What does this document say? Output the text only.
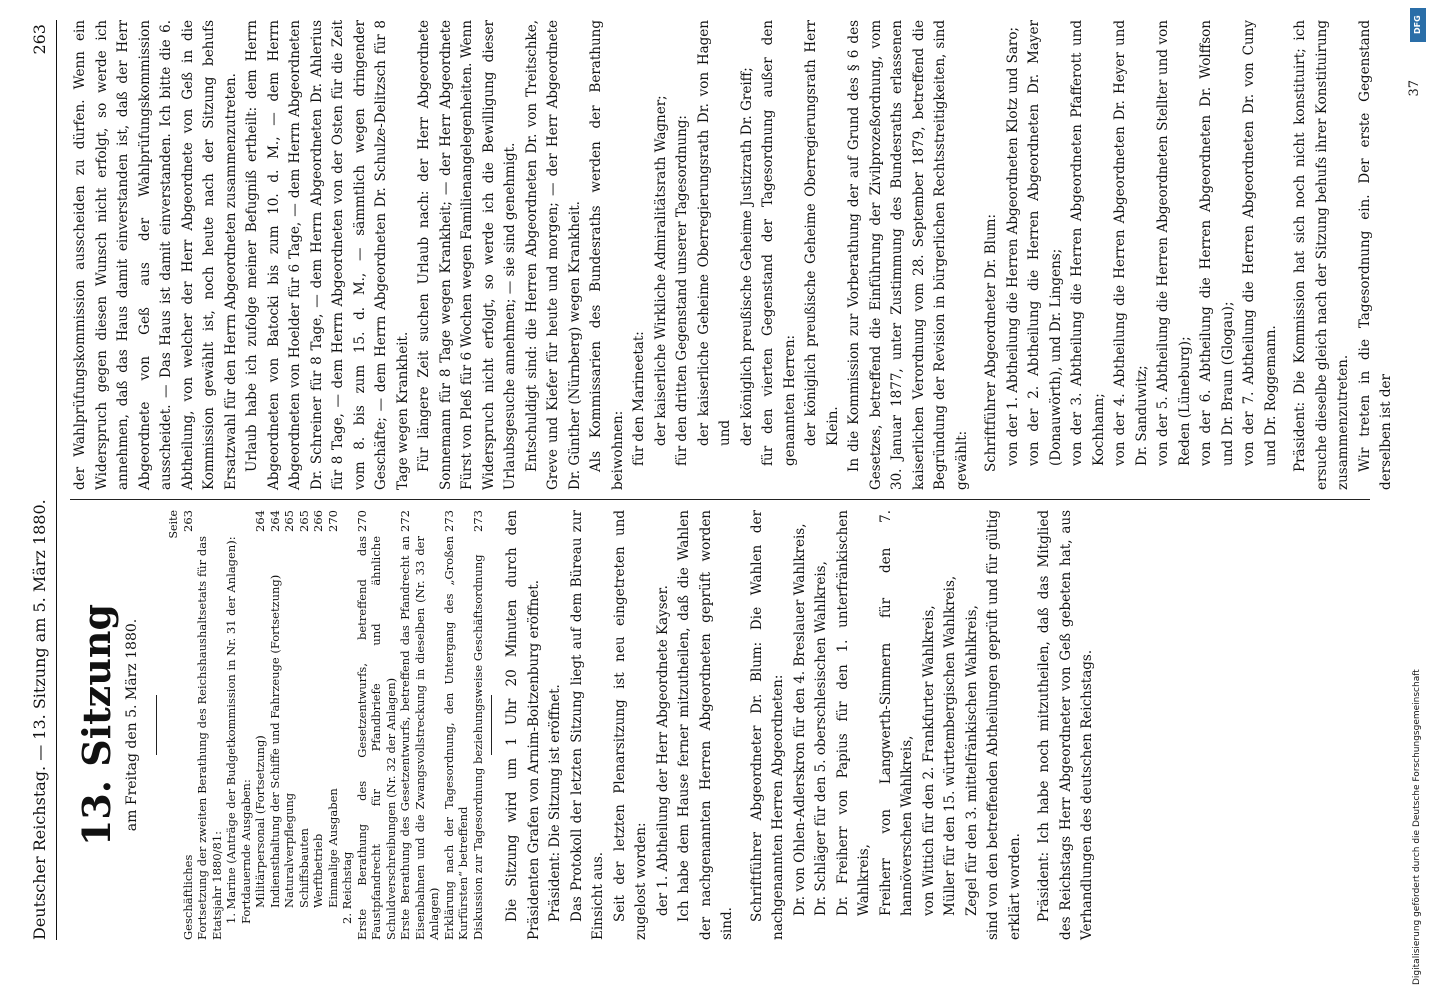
Deutscher Reichstag. — 13. Sitzung am 5. März 1880.
263
13. Sitzung am Freitag den 5. März 1880.
Seite
Geschäftliches
263
Fortsetzung der zweiten Berathung des Reichshaushaltsetats für das Etatsjahr 1880/81: 1. Marine (Anträge der Budgetkommission in Nr. 31 der Anlagen): Fortdauernde Ausgaben: Militärpersonal (Fortsetzung)
264
Indiensthaltung der Schiffe und Fahrzeuge (Fortsetzung)
264
Naturalverpflegung
265
Schiffsbauten
265
Werftbetrieb
266
Einmalige Ausgaben
270
2. Reichstag Erste Berathung des Gesetzentwurfs, betreffend das Faustpfandrecht für Pfandbriefe und ähnliche Schuldverschreibungen (Nr. 32 der Anlagen)
270
Erste Berathung des Gesetzentwurfs, betreffend das Pfandrecht an Eisenbahnen und die Zwangsvollstreckung in dieselben (Nr. 33 der Anlagen)
272
Erklärung nach der Tagesordnung, den Untergang des „Großen Kurfürsten“ betreffend
273
Diskussion zur Tagesordnung beziehungsweise Geschäftsordnung
273 Die Sitzung wird um 1 Uhr 20 Minuten durch den Präsidenten Grafen von Arnim-Boitzenburg eröffnet. Präsident: Die Sitzung ist eröffnet. Das Protokoll der letzten Sitzung liegt auf dem Büreau zur Einsicht aus. Seit der letzten Plenarsitzung ist neu eingetreten und zugelost worden: der 1. Abtheilung der Herr Abgeordnete Kayser. Ich habe dem Hause ferner mitzutheilen, daß die Wahlen der nachgenannten Herren Abgeordneten geprüft worden sind.

Schriftführer Abgeordneter Dr. Blum: Die Wahlen der nachgenannten Herren Abgeordneten: Dr. von Ohlen-Adlerskron für den 4. Breslauer Wahlkreis, Dr. Schläger für den 5. oberschlesischen Wahlkreis, Dr. Freiherr von Papius für den 1. unterfränkischen Wahlkreis, Freiherr von Langwerth-Simmern für den 7. hannöverschen Wahlkreis, von Wittich für den 2. Frankfurter Wahlkreis, Müller für den 15. württembergischen Wahlkreis, Zegel für den 3. mittelfränkischen Wahlkreis, sind von den betreffenden Abtheilungen geprüft und für gültig erklärt worden. Präsident: Ich habe noch mitzutheilen, daß das Mitglied des Reichstags Herr Abgeordneter von Geß gebeten hat, aus Verhandlungen des deutschen Reichstags.

der Wahlprüfungskommission ausscheiden zu dürfen. Wenn ein Widerspruch gegen diesen Wunsch nicht erfolgt, so werde ich annehmen, daß das Haus damit einverstanden ist, daß der Herr Abgeordnete von Geß aus der Wahlprüfungskommission ausscheidet. — Das Haus ist damit einverstanden. Ich bitte die 6. Abtheilung, von welcher der Herr Abgeordnete von Geß in die Kommission gewählt ist, noch heute nach der Sitzung behufs Ersatzwahl für den Herrn Abgeordneten zusammenzutreten. Urlaub habe ich zufolge meiner Befugniß ertheilt: dem Herrn Abgeordneten von Batocki bis zum 10. d. M., — dem Herrn Abgeordneten von Hoelder für 6 Tage, — dem Herrn Abgeordneten Dr. Schreiner für 8 Tage, — dem Herrn Abgeordneten Dr. Ahlerius für 8 Tage, — dem Herrn Abgeordneten von der Osten für die Zeit vom 8. bis zum 15. d. M., — sämmtlich wegen dringender Geschäfte; — dem Herrn Abgeordneten Dr. Schulze-Delitzsch für 8 Tage wegen Krankheit. Für längere Zeit suchen Urlaub nach: der Herr Abgeordnete Sonnemann für 8 Tage wegen Krankheit; — der Herr Abgeordnete Fürst von Pleß für 6 Wochen wegen Familienangelegenheiten. Wenn Widerspruch nicht erfolgt, so werde ich die Bewilligung dieser Urlaubsgesuche annehmen; — sie sind genehmigt. Entschuldigt sind: die Herren Abgeordneten Dr. von Treitschke, Greve und Kiefer für heute und morgen; — der Herr Abgeordnete Dr. Günther (Nürnberg) wegen Krankheit. Als Kommissarien des Bundesraths werden der Berathung beiwohnen: für den Marineetat: der kaiserliche Wirkliche Admiralitätsrath Wagner; für den dritten Gegenstand unserer Tagesordnung: der kaiserliche Geheime Oberregierungsrath Dr. von Hagen und der königlich preußische Geheime Justizrath Dr. Greiff; für den vierten Gegenstand der Tagesordnung außer den genannten Herren: der königlich preußische Geheime Oberregierungsrath Herr Klein. In die Kommission zur Vorberathung der auf Grund des § 6 des Gesetzes, betreffend die Einführung der Zivilprozeßordnung, vom 30. Januar 1877, unter Zustimmung des Bundesraths erlassenen kaiserlichen Verordnung vom 28. September 1879, betreffend die Begründung der Revision in bürgerlichen Rechtsstreitigkeiten, sind gewählt: Schriftführer Abgeordneter Dr. Blum: von der 1. Abtheilung die Herren Abgeordneten Klotz und Saro; von der 2. Abtheilung die Herren Abgeordneten Dr. Mayer (Donauwörth), und Dr. Lingens; von der 3. Abtheilung die Herren Abgeordneten Pfafferott und Kochhann; von der 4. Abtheilung die Herren Abgeordneten Dr. Heyer und Dr. Sanduwitz; von der 5. Abtheilung die Herren Abgeordneten Stellter und von Reden (Lüneburg); von der 6. Abtheilung die Herren Abgeordneten Dr. Wolffson und Dr. Braun (Glogau); von der 7. Abtheilung die Herren Abgeordneten Dr. von Cuny und Dr. Roggemann. Präsident: Die Kommission hat sich noch nicht konstituirt; ich ersuche dieselbe gleich nach der Sitzung behufs ihrer Konstituirung zusammenzutreten. Wir treten in die Tagesordnung ein. Der erste Gegenstand derselben ist der

37
DFG
Digitalisierung gefördert durch die Deutsche Forschungsgemeinschaft
